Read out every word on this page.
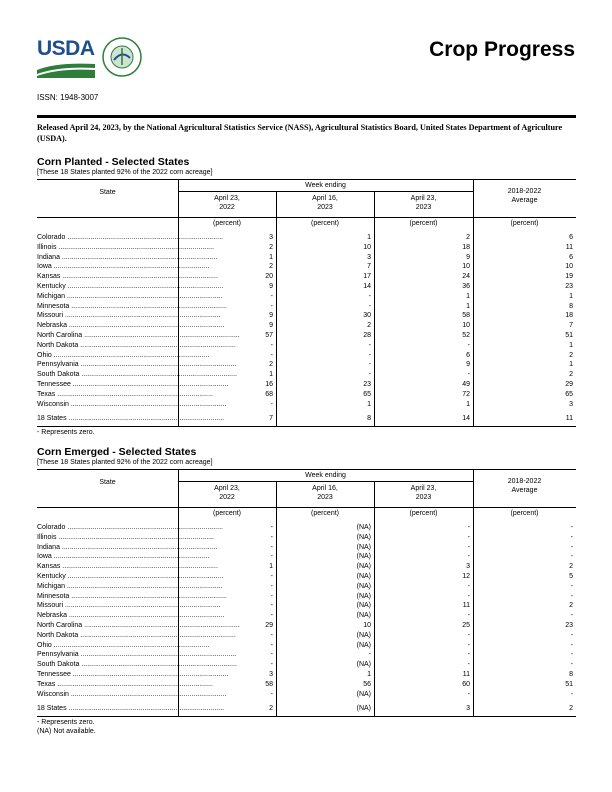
USDA	Crop Progress
ISSN: 1948-3007
Released April 24, 2023, by the National Agricultural Statistics Service (NASS), Agricultural Statistics Board, United States Department of Agriculture (USDA).
Corn Planted - Selected States
[These 18 States planted 92% of the 2022 corn acreage]
Corn Emerged - Selected States
[These 18 States planted 92% of the 2022 corn acreage]
Week ending
State
April 23,
2022
April 16,
2023
April 23,
2023
2018-2022
Average
(percent)	(percent)	(percent)	(percent)
Colorado ................................................................................	3	1	2	6
Illinois ................................................................................	2	10	18	11
Indiana ................................................................................	1	3	9	6
Iowa ................................................................................	2	7	10	10
Kansas ................................................................................	20	17	24	19
Kentucky ................................................................................	9	14	36	23
Michigan ................................................................................	-	-	1	1
Minnesota ................................................................................	-	-	1	8
Missouri ................................................................................	9	30	58	18
Nebraska ................................................................................	9	2	10	7
North Carolina ................................................................................	57	28	52	51
North Dakota ................................................................................	-	-	-	1
Ohio ................................................................................	-	-	6	2
Pennsylvania ................................................................................	2	-	9	1
South Dakota ................................................................................	1	-	-	2
Tennessee ................................................................................	16	23	49	29
Texas ................................................................................	68	65	72	65
Wisconsin ................................................................................	-	1	1	3
18 States ................................................................................	7	8	14	11
- Represents zero.
Week ending
State
April 23,
2022
April 16,
2023
April 23,
2023
2018-2022
Average
(percent)	(percent)	(percent)	(percent)
Colorado ................................................................................	-	(NA)	-	-
Illinois ................................................................................	-	(NA)	-	-
Indiana ................................................................................	-	(NA)	-	-
Iowa ................................................................................	-	(NA)	-	-
Kansas ................................................................................	1	(NA)	3	2
Kentucky ................................................................................	-	(NA)	12	5
Michigan ................................................................................	-	(NA)	-	-
Minnesota ................................................................................	-	(NA)	-	-
Missouri ................................................................................	-	(NA)	11	2
Nebraska ................................................................................	-	(NA)	-	-
North Carolina ................................................................................	29	10	25	23
North Dakota ................................................................................	-	(NA)	-	-
Ohio ................................................................................	-	(NA)	-	-
Pennsylvania ................................................................................	-	-	-	-
South Dakota ................................................................................	-	(NA)	-	-
Tennessee ................................................................................	3	1	11	8
Texas ................................................................................	58	56	60	51
Wisconsin ................................................................................	-	(NA)	-	-
18 States ................................................................................	2	(NA)	3	2
- Represents zero.
(NA) Not available.
